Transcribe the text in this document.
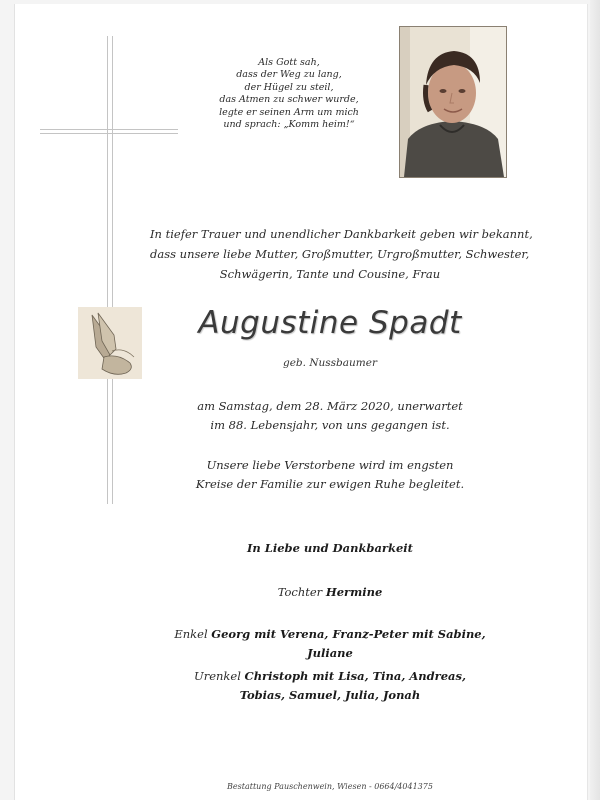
Als Gott sah,
dass der Weg zu lang,
der Hügel zu steil,
das Atmen zu schwer wurde,
legte er seinen Arm um mich
und sprach: „Komm heim!“
In tiefer Trauer und unendlicher Dankbarkeit geben wir bekannt,
dass unsere liebe Mutter, Großmutter, Urgroßmutter, Schwester,
Schwägerin, Tante und Cousine, Frau
Augustine Spadt
geb. Nussbaumer
am Samstag, dem 28. März 2020, unerwartet
im 88. Lebensjahr, von uns gegangen ist.
Unsere liebe Verstorbene wird im engsten
Kreise der Familie zur ewigen Ruhe begleitet.
In Liebe und Dankbarkeit
Tochter Hermine
Enkel Georg mit Verena, Franz-Peter mit Sabine, Juliane
Urenkel Christoph mit Lisa, Tina, Andreas,
Tobias, Samuel, Julia, Jonah
Bestattung Pauschenwein, Wiesen - 0664/4041375
